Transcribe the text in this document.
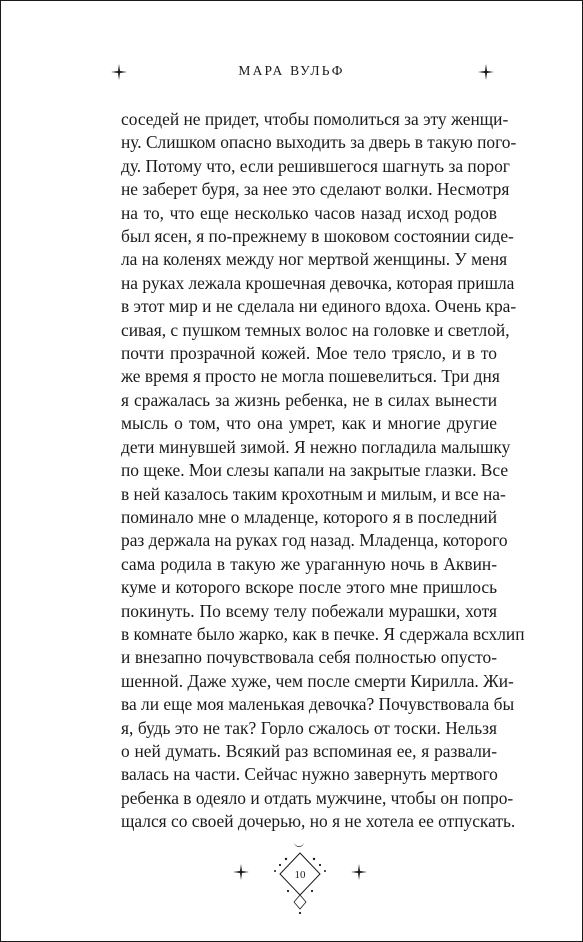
МАРА ВУЛЬФ
соседей не придет, чтобы помолиться за эту женщи-
ну. Слишком опасно выходить за дверь в такую пого-
ду. Потому что, если решившегося шагнуть за порог
не заберет буря, за нее это сделают волки. Несмотря
на то, что еще несколько часов назад исход родов
был ясен, я по-прежнему в шоковом состоянии сиде-
ла на коленях между ног мертвой женщины. У меня
на руках лежала крошечная девочка, которая пришла
в этот мир и не сделала ни единого вдоха. Очень кра-
сивая, с пушком темных волос на головке и светлой,
почти прозрачной кожей. Мое тело трясло, и в то
же время я просто не могла пошевелиться. Три дня
я сражалась за жизнь ребенка, не в силах вынести
мысль о том, что она умрет, как и многие другие
дети минувшей зимой. Я нежно погладила малышку
по щеке. Мои слезы капали на закрытые глазки. Все
в ней казалось таким крохотным и милым, и все на-
поминало мне о младенце, которого я в последний
раз держала на руках год назад. Младенца, которого
сама родила в такую же ураганную ночь в Аквин-
куме и которого вскоре после этого мне пришлось
покинуть. По всему телу побежали мурашки, хотя
в комнате было жарко, как в печке. Я сдержала всхлип
и внезапно почувствовала себя полностью опусто-
шенной. Даже хуже, чем после смерти Кирилла. Жи-
ва ли еще моя маленькая девочка? Почувствовала бы
я, будь это не так? Горло сжалось от тоски. Нельзя
о ней думать. Всякий раз вспоминая ее, я развали-
валась на части. Сейчас нужно завернуть мертвого
ребенка в одеяло и отдать мужчине, чтобы он попро-
щался со своей дочерью, но я не хотела ее отпускать.
10
